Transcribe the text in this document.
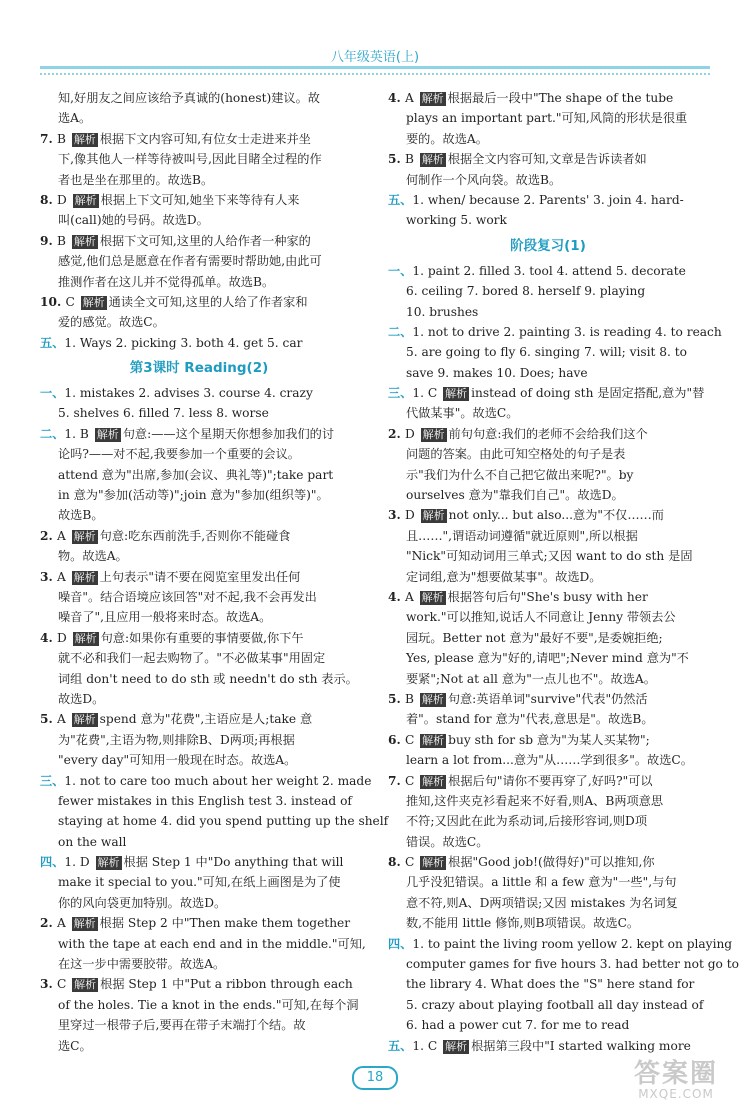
八年级英语(上)
知,好朋友之间应该给予真诚的(honest)建议。故
选A。
7. B 解析 根据下文内容可知,有位女士走进来并坐
下,像其他人一样等待被叫号,因此目睹全过程的作
者也是坐在那里的。故选B。
8. D 解析 根据上下文可知,她坐下来等待有人来
叫(call)她的号码。故选D。
9. B 解析 根据下文可知,这里的人给作者一种家的
感觉,他们总是愿意在作者有需要时帮助她,由此可
推测作者在这儿并不觉得孤单。故选B。
10. C 解析 通读全文可知,这里的人给了作者家和
爱的感觉。故选C。
五、1. Ways 2. picking 3. both 4. get 5. car
第3课时 Reading(2)
一、1. mistakes 2. advises 3. course 4. crazy
5. shelves 6. filled 7. less 8. worse
二、1. B 解析 句意:——这个星期天你想参加我们的讨
论吗?——对不起,我要参加一个重要的会议。
attend 意为"出席,参加(会议、典礼等)";take part
in 意为"参加(活动等)";join 意为"参加(组织等)"。
故选B。
2. A 解析 句意:吃东西前洗手,否则你不能碰食
物。故选A。
3. A 解析 上句表示"请不要在阅览室里发出任何
噪音"。结合语境应该回答"对不起,我不会再发出
噪音了",且应用一般将来时态。故选A。
4. D 解析 句意:如果你有重要的事情要做,你下午
就不必和我们一起去购物了。"不必做某事"用固定
词组 don't need to do sth 或 needn't do sth 表示。
故选D。
5. A 解析 spend 意为"花费",主语应是人;take 意
为"花费",主语为物,则排除B、D两项;再根据
"every day"可知用一般现在时态。故选A。
三、1. not to care too much about her weight 2. made
fewer mistakes in this English test 3. instead of
staying at home 4. did you spend putting up the shelf
on the wall
四、1. D 解析 根据 Step 1 中"Do anything that will
make it special to you."可知,在纸上画图是为了使
你的风向袋更加特别。故选D。
2. A 解析 根据 Step 2 中"Then make them together
with the tape at each end and in the middle."可知,
在这一步中需要胶带。故选A。
3. C 解析 根据 Step 1 中"Put a ribbon through each
of the holes. Tie a knot in the ends."可知,在每个洞
里穿过一根带子后,要再在带子末端打个结。故
选C。
4. A 解析 根据最后一段中"The shape of the tube
plays an important part."可知,风筒的形状是很重
要的。故选A。
5. B 解析 根据全文内容可知,文章是告诉读者如
何制作一个风向袋。故选B。
五、1. when/ because 2. Parents' 3. join 4. hard-
working 5. work
阶段复习(1)
一、1. paint 2. filled 3. tool 4. attend 5. decorate
6. ceiling 7. bored 8. herself 9. playing
10. brushes
二、1. not to drive 2. painting 3. is reading 4. to reach
5. are going to fly 6. singing 7. will; visit 8. to
save 9. makes 10. Does; have
三、1. C 解析 instead of doing sth 是固定搭配,意为"替
代做某事"。故选C。
2. D 解析 前句句意:我们的老师不会给我们这个
问题的答案。由此可知空格处的句子是表
示"我们为什么不自己把它做出来呢?"。by
ourselves 意为"靠我们自己"。故选D。
3. D 解析 not only... but also...意为"不仅……而
且……",谓语动词遵循"就近原则",所以根据
"Nick"可知动词用三单式;又因 want to do sth 是固
定词组,意为"想要做某事"。故选D。
4. A 解析 根据答句后句"She's busy with her
work."可以推知,说话人不同意让 Jenny 带领去公
园玩。Better not 意为"最好不要",是委婉拒绝;
Yes, please 意为"好的,请吧";Never mind 意为"不
要紧";Not at all 意为"一点儿也不"。故选A。
5. B 解析 句意:英语单词"survive"代表"仍然活
着"。stand for 意为"代表,意思是"。故选B。
6. C 解析 buy sth for sb 意为"为某人买某物";
learn a lot from...意为"从……学到很多"。故选C。
7. C 解析 根据后句"请你不要再穿了,好吗?"可以
推知,这件夹克衫看起来不好看,则A、B两项意思
不符;又因此在此为系动词,后接形容词,则D项
错误。故选C。
8. C 解析 根据"Good job!(做得好)"可以推知,你
几乎没犯错误。a little 和 a few 意为"一些",与句
意不符,则A、D两项错误;又因 mistakes 为名词复
数,不能用 little 修饰,则B项错误。故选C。
四、1. to paint the living room yellow 2. kept on playing
computer games for five hours 3. had better not go to
the library 4. What does the "S" here stand for
5. crazy about playing football all day instead of
6. had a power cut 7. for me to read
五、1. C 解析 根据第三段中"I started walking more
18	答案圈
MXQE.COM
